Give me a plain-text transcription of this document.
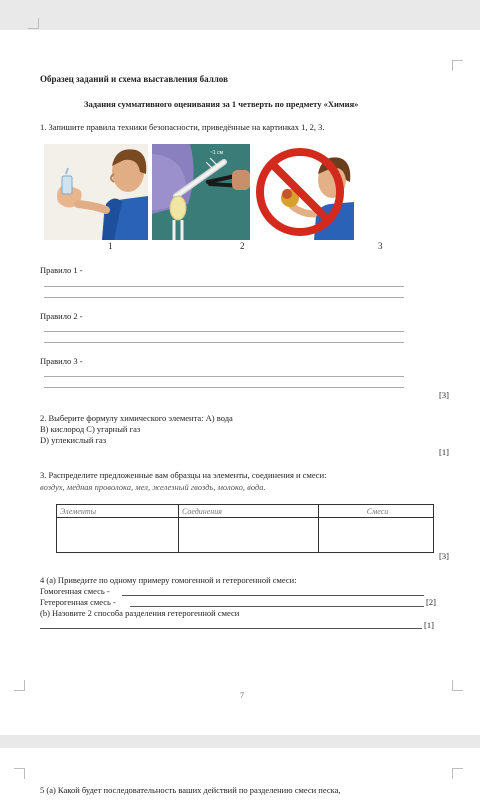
Образец заданий и схема выставления баллов
Задания суммативного оценивания за 1 четверть по предмету «Химия»
1. Запишите правила техники безопасности, приведённые на картинках 1, 2, 3.
~1 см
1	2	3
Правило 1 -
Правило 2 -
Правило 3 -
[3]
2. Выберите формулу химического элемента: А) вода
В) кислород С) угарный газ
D) углекислый газ
[1]
3. Распределите предложенные вам образцы на элементы, соединения и смеси:
воздух, медная проволока, мел, железный гвоздь, молоко, вода.
Элементы	Соединения	Смеси

[3]
4 (a) Приведите по одному примеру гомогенной и гетерогенной смеси:
Гомогенная смесь -
Гетерогенная смесь -	[2]
(b) Назовите 2 способа разделения гетерогенной смеси
[1]
7
5 (a) Какой будет последовательность ваших действий по разделению смеси песка,
